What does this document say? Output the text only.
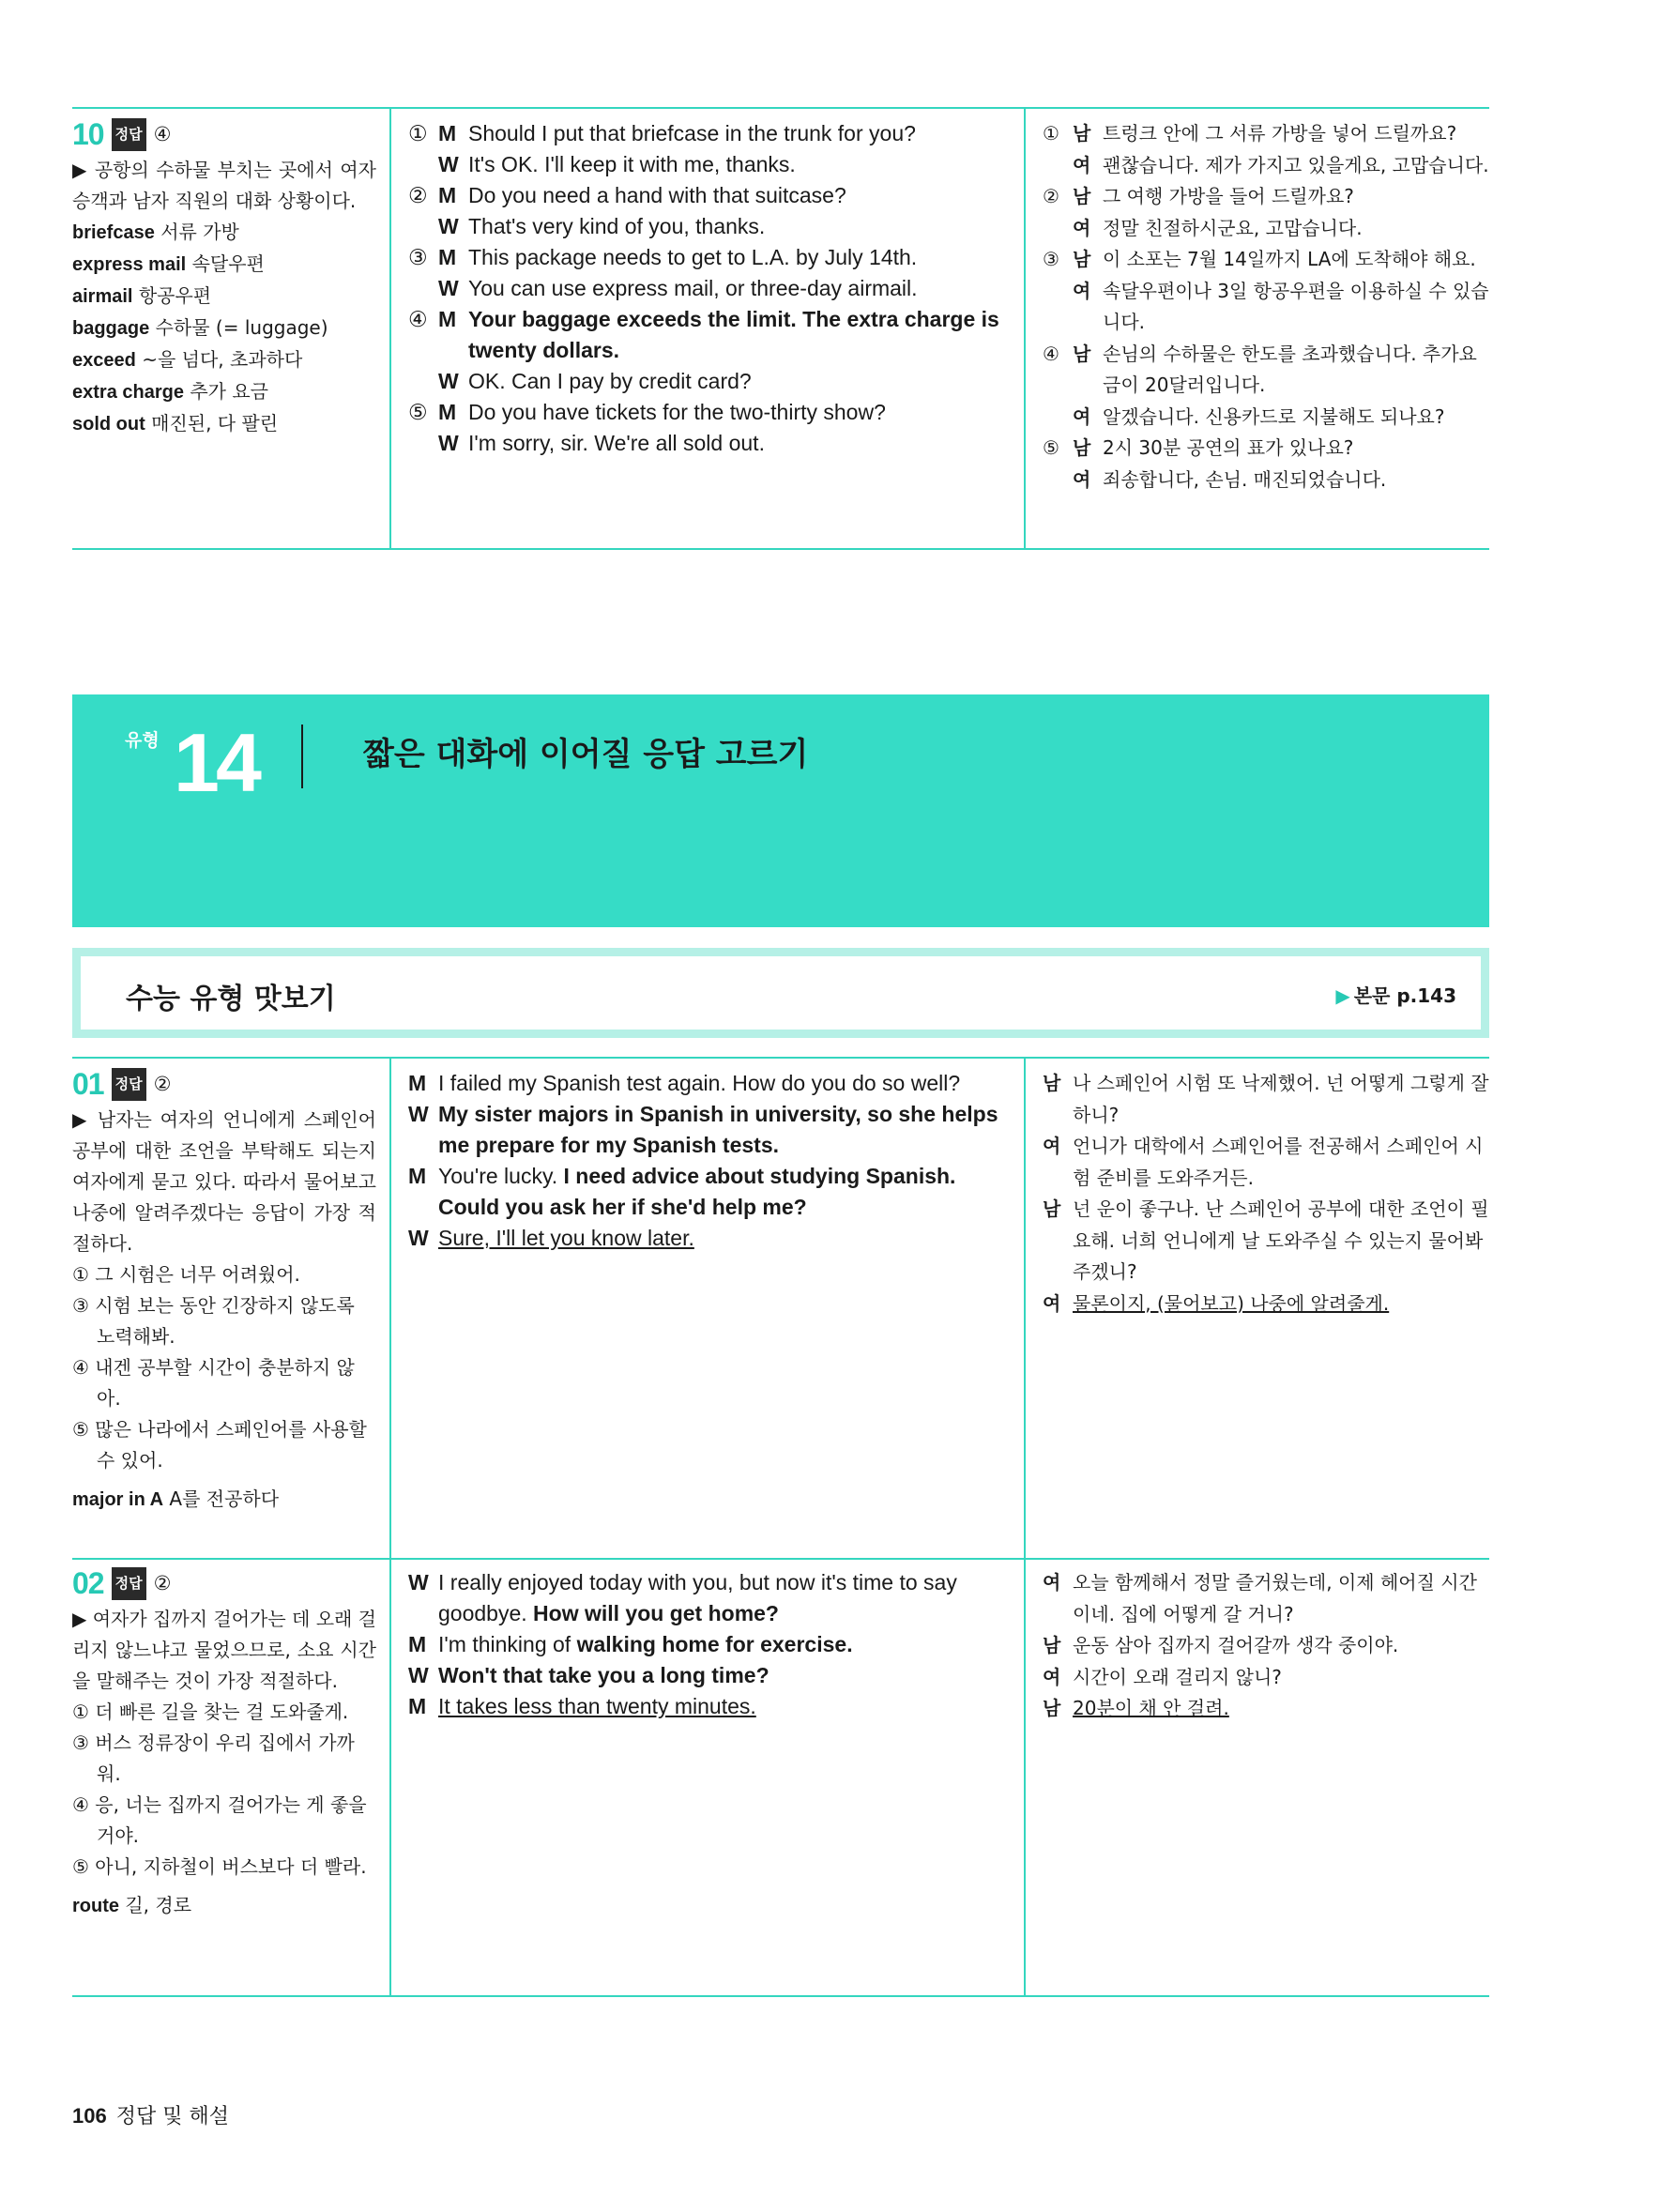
10 정답 ④
▶ 공항의 수하물 부치는 곳에서 여자 승객과 남자 직원의 대화 상황이다.
briefcase 서류 가방
express mail 속달우편
airmail 항공우편
baggage 수하물 (= luggage)
exceed ~을 넘다, 초과하다
extra charge 추가 요금
sold out 매진된, 다 팔린
① M Should I put that briefcase in the trunk for you?
W It's OK. I'll keep it with me, thanks.
② M Do you need a hand with that suitcase?
W That's very kind of you, thanks.
③ M This package needs to get to L.A. by July 14th.
W You can use express mail, or three-day airmail.
④ M Your baggage exceeds the limit. The extra charge is twenty dollars.
W OK. Can I pay by credit card?
⑤ M Do you have tickets for the two-thirty show?
W I'm sorry, sir. We're all sold out.
① 남 트렁크 안에 그 서류 가방을 넣어 드릴까요?
여 괜찮습니다. 제가 가지고 있을게요, 고맙습니다.
② 남 그 여행 가방을 들어 드릴까요?
여 정말 친절하시군요, 고맙습니다.
③ 남 이 소포는 7월 14일까지 LA에 도착해야 해요.
여 속달우편이나 3일 항공우편을 이용하실 수 있습니다.
④ 남 손님의 수하물은 한도를 초과했습니다. 추가요금이 20달러입니다.
여 알겠습니다. 신용카드로 지불해도 되나요?
⑤ 남 2시 30분 공연의 표가 있나요?
여 죄송합니다, 손님. 매진되었습니다.
유형 14	짧은 대화에 이어질 응답 고르기
수능 유형 맛보기	▶ 본문 p.143
01 정답 ②
▶ 남자는 여자의 언니에게 스페인어 공부에 대한 조언을 부탁해도 되는지 여자에게 묻고 있다. 따라서 물어보고 나중에 알려주겠다는 응답이 가장 적절하다.
① 그 시험은 너무 어려웠어.
③ 시험 보는 동안 긴장하지 않도록 노력해봐.
④ 내겐 공부할 시간이 충분하지 않아.
⑤ 많은 나라에서 스페인어를 사용할 수 있어.
major in A A를 전공하다
M I failed my Spanish test again. How do you do so well?
W My sister majors in Spanish in university, so she helps me prepare for my Spanish tests.
M You're lucky. I need advice about studying Spanish. Could you ask her if she'd help me?
W Sure, I'll let you know later.
남 나 스페인어 시험 또 낙제했어. 넌 어떻게 그렇게 잘 하니?
여 언니가 대학에서 스페인어를 전공해서 스페인어 시험 준비를 도와주거든.
남 넌 운이 좋구나. 난 스페인어 공부에 대한 조언이 필요해. 너희 언니에게 날 도와주실 수 있는지 물어봐 주겠니?
여 물론이지, (물어보고) 나중에 알려줄게.
02 정답 ②
▶ 여자가 집까지 걸어가는 데 오래 걸리지 않느냐고 물었으므로, 소요 시간을 말해주는 것이 가장 적절하다.
① 더 빠른 길을 찾는 걸 도와줄게.
③ 버스 정류장이 우리 집에서 가까워.
④ 응, 너는 집까지 걸어가는 게 좋을 거야.
⑤ 아니, 지하철이 버스보다 더 빨라.
route 길, 경로
W I really enjoyed today with you, but now it's time to say goodbye. How will you get home?
M I'm thinking of walking home for exercise.
W Won't that take you a long time?
M It takes less than twenty minutes.
여 오늘 함께해서 정말 즐거웠는데, 이제 헤어질 시간이네. 집에 어떻게 갈 거니?
남 운동 삼아 집까지 걸어갈까 생각 중이야.
여 시간이 오래 걸리지 않니?
남 20분이 채 안 걸려.
106 정답 및 해설
